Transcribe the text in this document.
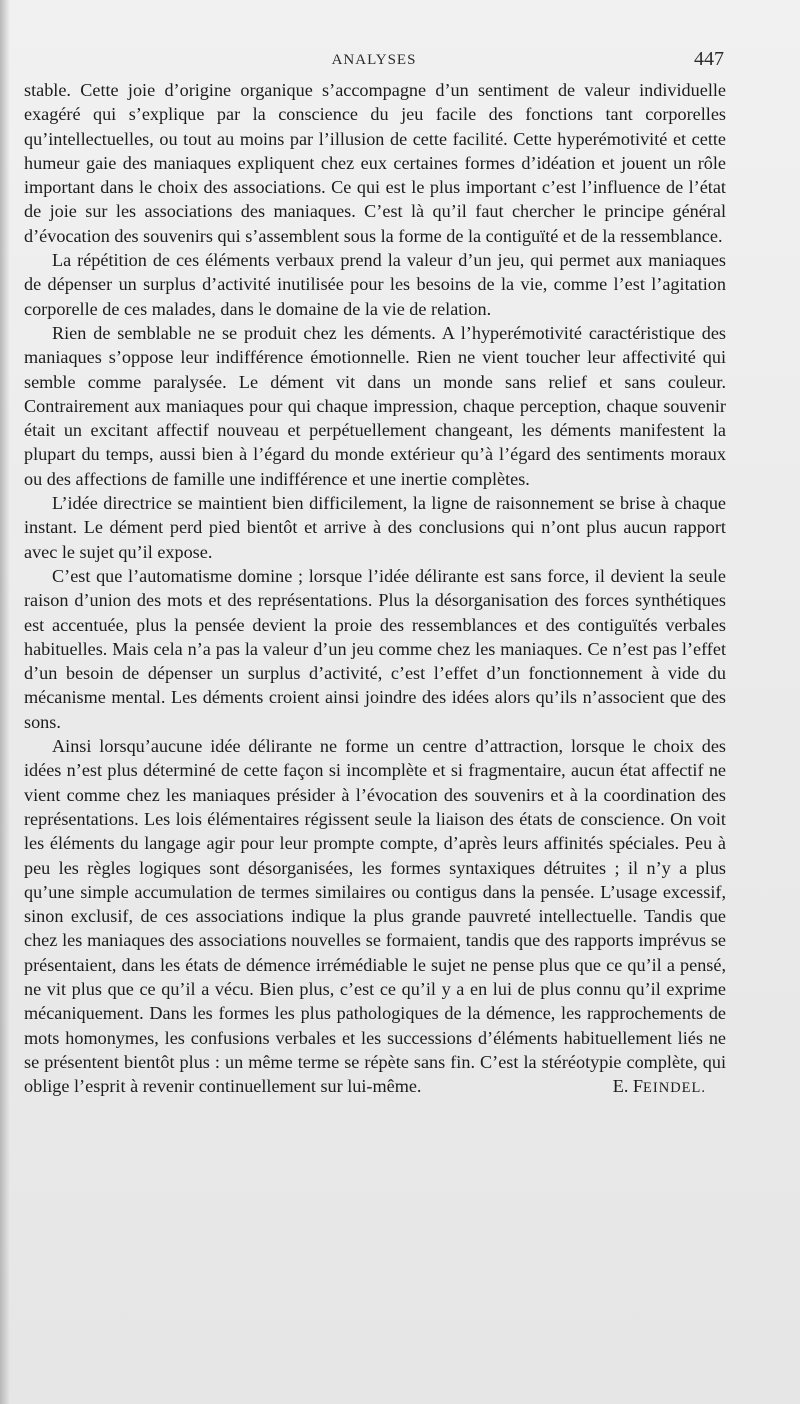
ANALYSES	447

stable. Cette joie d’origine organique s’accompagne d’un sentiment de valeur individuelle exagéré qui s’explique par la conscience du jeu facile des fonctions tant corporelles qu’intellectuelles, ou tout au moins par l’illusion de cette facilité. Cette hyperémotivité et cette humeur gaie des maniaques expliquent chez eux certaines formes d’idéation et jouent un rôle important dans le choix des associations. Ce qui est le plus important c’est l’influence de l’état de joie sur les associations des maniaques. C’est là qu’il faut chercher le principe général d’évocation des souvenirs qui s’assemblent sous la forme de la contiguïté et de la ressemblance.

La répétition de ces éléments verbaux prend la valeur d’un jeu, qui permet aux maniaques de dépenser un surplus d’activité inutilisée pour les besoins de la vie, comme l’est l’agitation corporelle de ces malades, dans le domaine de la vie de relation.

Rien de semblable ne se produit chez les déments. A l’hyperémotivité caractéristique des maniaques s’oppose leur indifférence émotionnelle. Rien ne vient toucher leur affectivité qui semble comme paralysée. Le dément vit dans un monde sans relief et sans couleur. Contrairement aux maniaques pour qui chaque impression, chaque perception, chaque souvenir était un excitant affectif nouveau et perpétuellement changeant, les déments manifestent la plupart du temps, aussi bien à l’égard du monde extérieur qu’à l’égard des sentiments moraux ou des affections de famille une indifférence et une inertie complètes.

L’idée directrice se maintient bien difficilement, la ligne de raisonnement se brise à chaque instant. Le dément perd pied bientôt et arrive à des conclusions qui n’ont plus aucun rapport avec le sujet qu’il expose.

C’est que l’automatisme domine ; lorsque l’idée délirante est sans force, il devient la seule raison d’union des mots et des représentations. Plus la désorganisation des forces synthétiques est accentuée, plus la pensée devient la proie des ressemblances et des contiguïtés verbales habituelles. Mais cela n’a pas la valeur d’un jeu comme chez les maniaques. Ce n’est pas l’effet d’un besoin de dépenser un surplus d’activité, c’est l’effet d’un fonctionnement à vide du mécanisme mental. Les déments croient ainsi joindre des idées alors qu’ils n’associent que des sons.

Ainsi lorsqu’aucune idée délirante ne forme un centre d’attraction, lorsque le choix des idées n’est plus déterminé de cette façon si incomplète et si fragmentaire, aucun état affectif ne vient comme chez les maniaques présider à l’évocation des souvenirs et à la coordination des représentations. Les lois élémentaires régissent seule la liaison des états de conscience. On voit les éléments du langage agir pour leur prompte compte, d’après leurs affinités spéciales. Peu à peu les règles logiques sont désorganisées, les formes syntaxiques détruites ; il n’y a plus qu’une simple accumulation de termes similaires ou contigus dans la pensée. L’usage excessif, sinon exclusif, de ces associations indique la plus grande pauvreté intellectuelle. Tandis que chez les maniaques des associations nouvelles se formaient, tandis que des rapports imprévus se présentaient, dans les états de démence irrémédiable le sujet ne pense plus que ce qu’il a pensé, ne vit plus que ce qu’il a vécu. Bien plus, c’est ce qu’il y a en lui de plus connu qu’il exprime mécaniquement. Dans les formes les plus pathologiques de la démence, les rapprochements de mots homonymes, les confusions verbales et les successions d’éléments habituellement liés ne se présentent bientôt plus : un même terme se répète sans fin. C’est la stéréotypie complète, qui oblige l’esprit à revenir continuellement sur lui-même.	E. FEINDEL.
